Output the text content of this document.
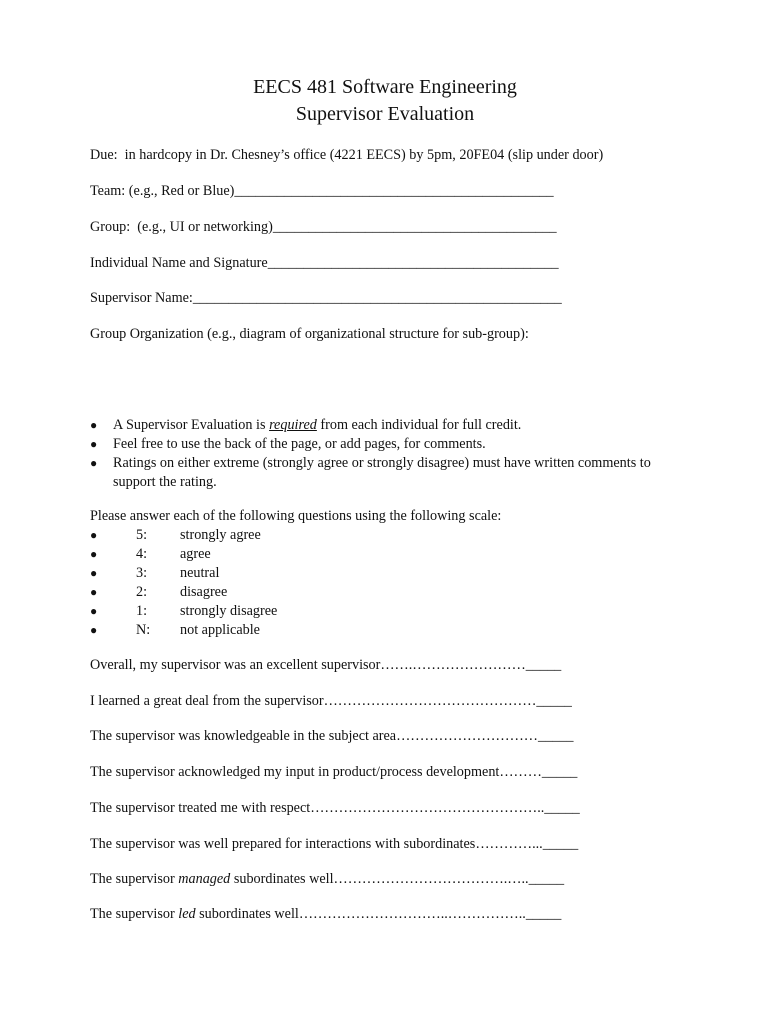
EECS 481 Software Engineering
Supervisor Evaluation
Due:  in hardcopy in Dr. Chesney’s office (4221 EECS) by 5pm, 20FE04 (slip under door)
Team: (e.g., Red or Blue)_____________________________________________
Group:  (e.g., UI or networking)________________________________________
Individual Name and Signature_________________________________________
Supervisor Name:____________________________________________________
Group Organization (e.g., diagram of organizational structure for sub-group):
● A Supervisor Evaluation is required from each individual for full credit.
● Feel free to use the back of the page, or add pages, for comments.
● Ratings on either extreme (strongly agree or strongly disagree) must have written comments to support the rating.
Please answer each of the following questions using the following scale:
●	5: strongly agree
●	4: agree
●	3: neutral
●	2: disagree
●	1: strongly disagree
●	N: not applicable
Overall, my supervisor was an excellent supervisor…….……………………_____
I learned a great deal from the supervisor………………………………………_____
The supervisor was knowledgeable in the subject area…………………………_____
The supervisor acknowledged my input in product/process development………_____
The supervisor treated me with respect………………………………………….._____
The supervisor was well prepared for interactions with subordinates…………..._____
The supervisor managed subordinates well……………………………….….._____
The supervisor led subordinates well…………………………..…………….._____
